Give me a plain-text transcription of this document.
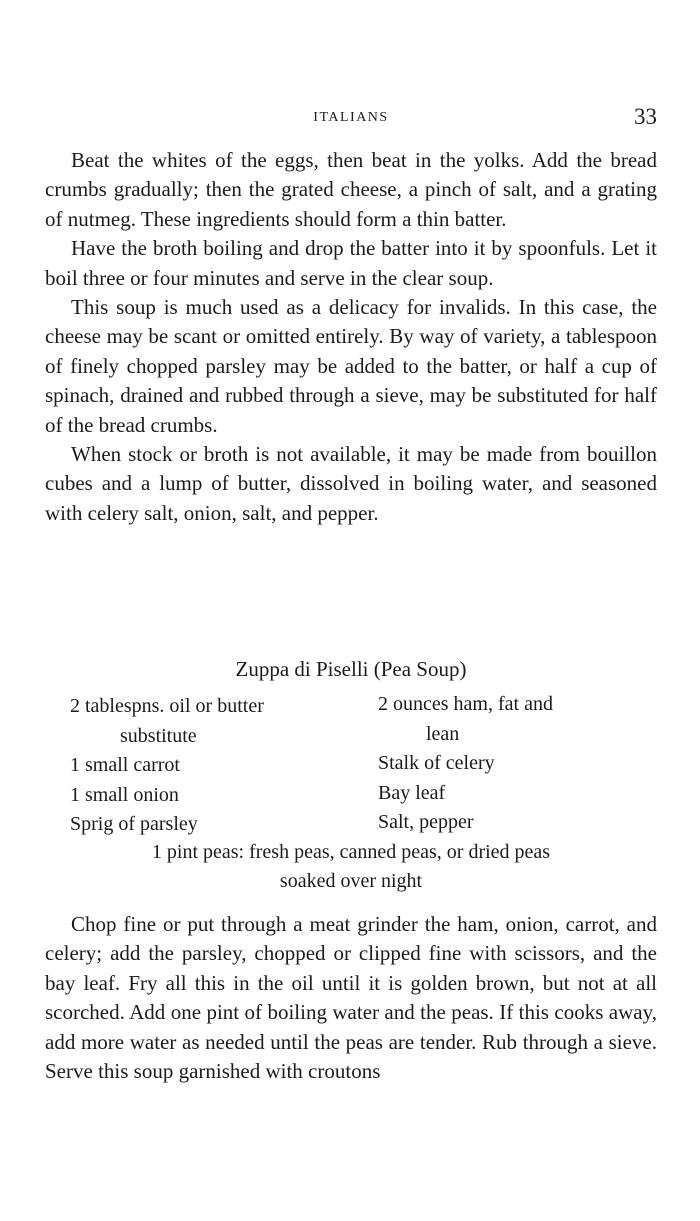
ITALIANS	33

Beat the whites of the eggs, then beat in the yolks. Add the bread crumbs gradually; then the grated cheese, a pinch of salt, and a grating of nutmeg. These ingredients should form a thin batter.

Have the broth boiling and drop the batter into it by spoonfuls. Let it boil three or four minutes and serve in the clear soup.

This soup is much used as a delicacy for invalids. In this case, the cheese may be scant or omitted entirely. By way of variety, a tablespoon of finely chopped parsley may be added to the batter, or half a cup of spinach, drained and rubbed through a sieve, may be substituted for half of the bread crumbs.

When stock or broth is not available, it may be made from bouillon cubes and a lump of butter, dissolved in boiling water, and seasoned with celery salt, onion, salt, and pepper.

Zuppa di Piselli (Pea Soup)
2 tablespns. oil or butter
substitute
1 small carrot
1 small onion
Sprig of parsley
2 ounces ham, fat and
lean
Stalk of celery
Bay leaf
Salt, pepper
1 pint peas: fresh peas, canned peas, or dried peas
soaked over night

Chop fine or put through a meat grinder the ham, onion, carrot, and celery; add the parsley, chopped or clipped fine with scissors, and the bay leaf. Fry all this in the oil until it is golden brown, but not at all scorched. Add one pint of boiling water and the peas. If this cooks away, add more water as needed until the peas are tender. Rub through a sieve. Serve this soup garnished with croutons
